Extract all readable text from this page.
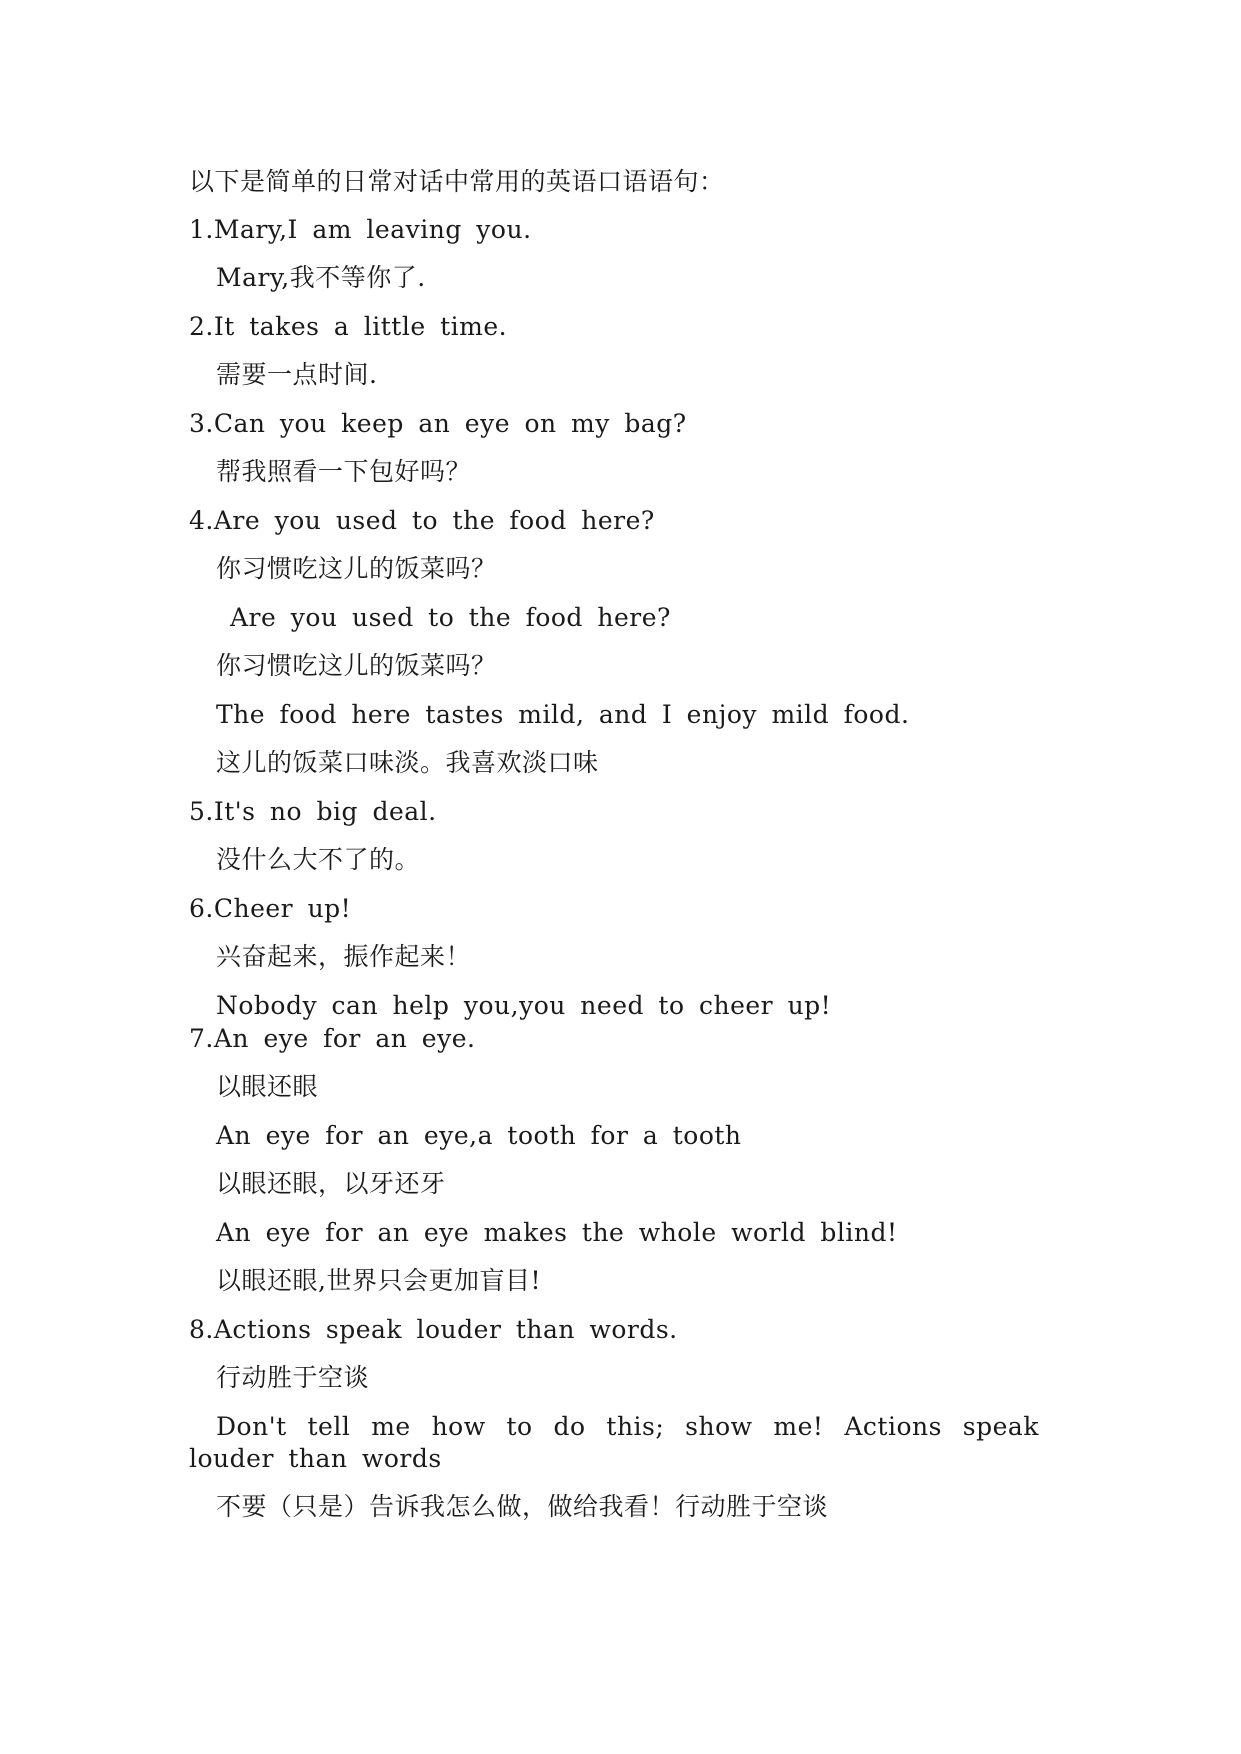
以下是简单的日常对话中常用的英语口语语句：
1.Mary,I am leaving you.
Mary,我不等你了.
2.It takes a little time.
需要一点时间.
3.Can you keep an eye on my bag?
帮我照看一下包好吗？
4.Are you used to the food here?
你习惯吃这儿的饭菜吗？
Are you used to the food here?
你习惯吃这儿的饭菜吗？
The food here tastes mild, and I enjoy mild food.
这儿的饭菜口味淡。我喜欢淡口味
5.It's no big deal.
没什么大不了的。
6.Cheer up!
兴奋起来，振作起来！
Nobody can help you,you need to cheer up!
7.An eye for an eye.
以眼还眼
An eye for an eye,a tooth for a tooth
以眼还眼，以牙还牙
An eye for an eye makes the whole world blind!
以眼还眼,世界只会更加盲目!
8.Actions speak louder than words.
行动胜于空谈
Don't tell me how to do this; show me! Actions speak louder than words
不要（只是）告诉我怎么做，做给我看！行动胜于空谈
